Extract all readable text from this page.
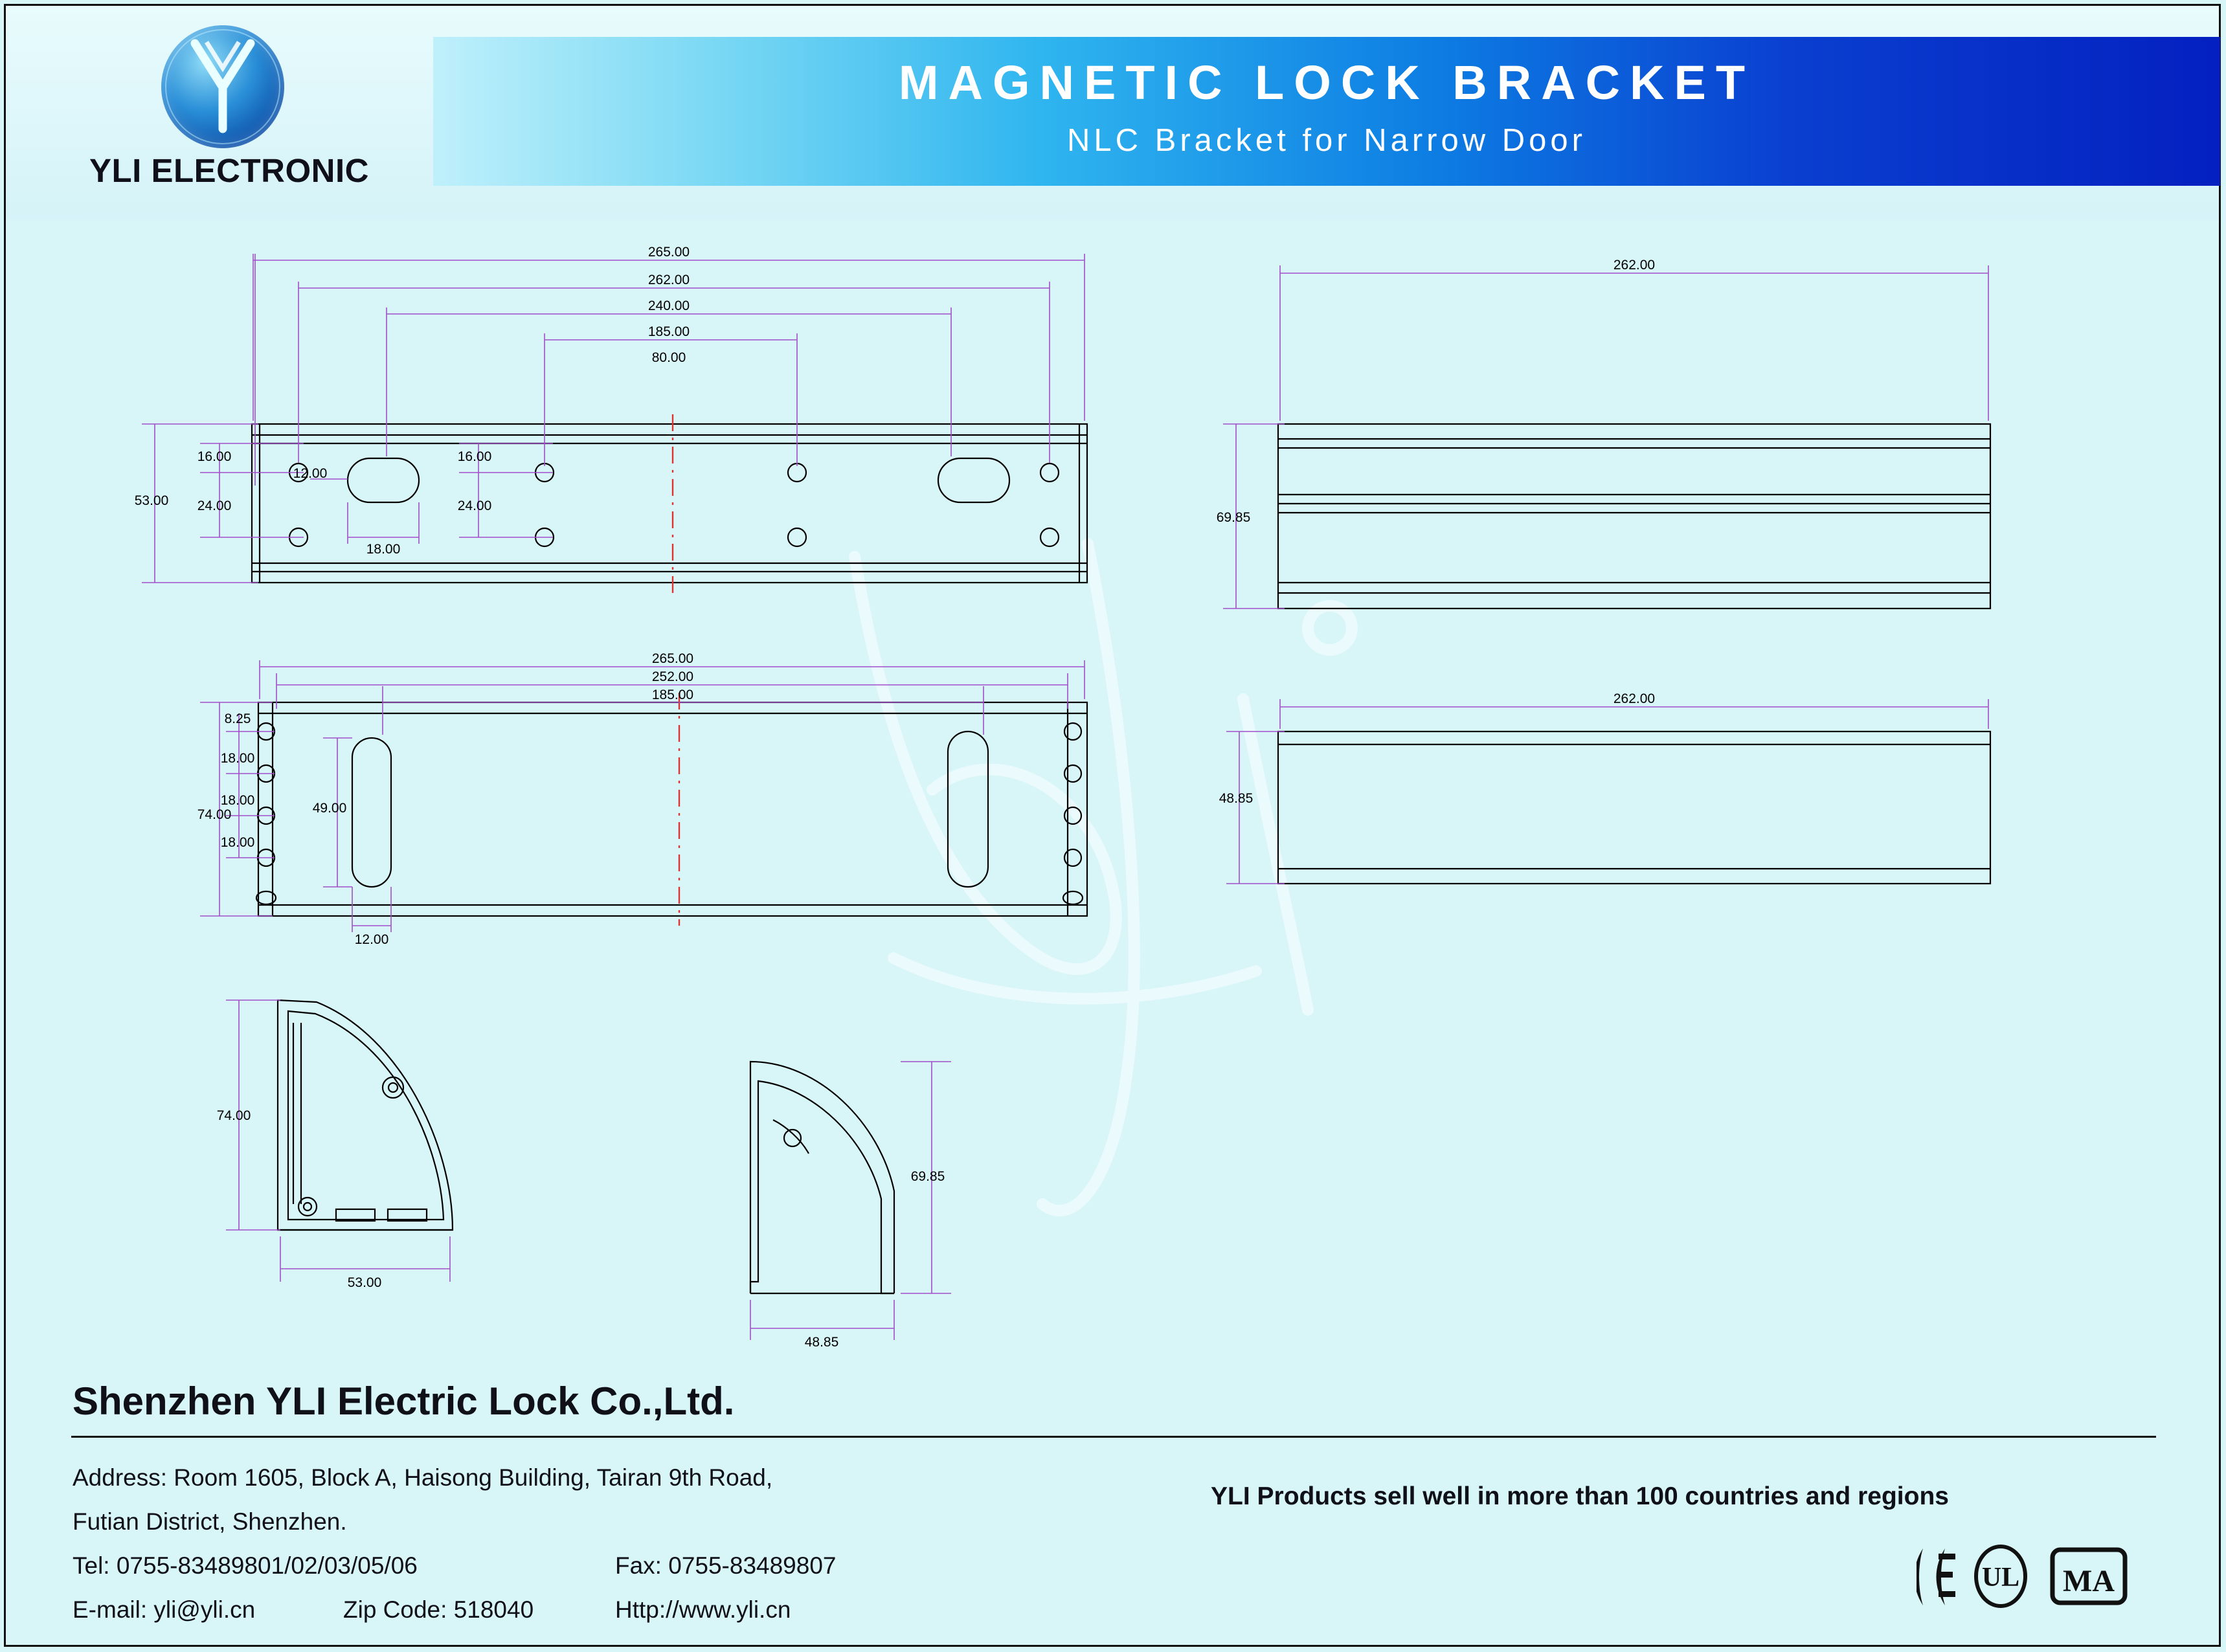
YLI ELECTRONIC
MAGNETIC LOCK BRACKET
NLC Bracket for Narrow Door
265.00
262.00
240.00
185.00
80.00
53.00
16.00
24.00
12.00
18.00
16.00
24.00
262.00
69.85
265.00
252.00
185.00
74.00
8.25
18.00
18.00
18.00
49.00
12.00
262.00
48.85
74.00
53.00
69.85
48.85
Shenzhen YLI Electric Lock Co.,Ltd.
Address: Room 1605, Block A, Haisong Building, Tairan 9th Road,
Futian District, Shenzhen.
Tel: 0755-83489801/02/03/05/06	Fax: 0755-83489807
E-mail: yli@yli.cn	Zip Code: 518040	Http://www.yli.cn
YLI Products sell well in more than 100 countries and regions
UL MA
